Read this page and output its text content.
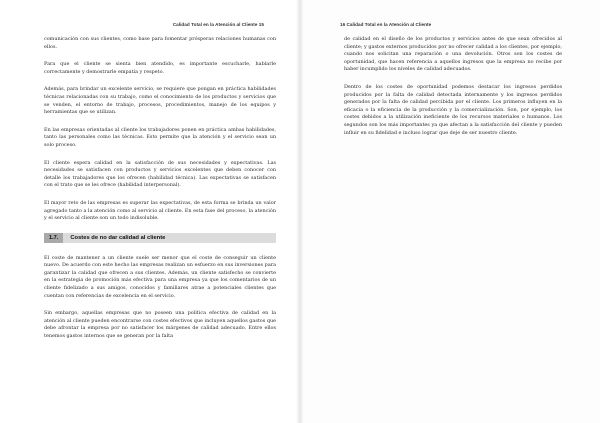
Calidad Total en la Atención al Cliente 15

comunicación con sus clientes, como base para fomentar prósperas relaciones humanas con ellos.

Para que el cliente se sienta bien atendido, es importante escucharle, hablarle correctamente y demostrarle empatía y respeto.

Además, para brindar un excelente servicio, se requiere que pongan en práctica habilidades técnicas relacionadas con su trabajo, como el conocimiento de los productos y servicios que se venden, el entorno de trabajo, procesos, procedimientos, manejo de los equipos y herramientas que se utilizan.

En las empresas orientadas al cliente los trabajadores ponen en práctica ambas habilidades, tanto las personales como las técnicas. Esto permite que la atención y el servicio sean un solo proceso.

El cliente espera calidad en la satisfacción de sus necesidades y expectativas. Las necesidades se satisfacen con productos y servicios excelentes que deben conocer con detalle los trabajadores que los ofrecen (habilidad técnica). Las expectativas se satisfacen con el trato que se les ofrece (habilidad interpersonal).

El mayor reto de las empresas es superar las expectativas, de esta forma se brinda un valor agregado tanto a la atención como al servicio al cliente. En esta fase del proceso, la atención y el servicio al cliente son un todo indisoluble.

1.7.	Costes de no dar calidad al cliente

El coste de mantener a un cliente suele ser menor que el coste de conseguir un cliente nuevo. De acuerdo con este hecho las empresas realizan un esfuerzo en sus inversiones para garantizar la calidad que ofrecen a sus clientes. Además, un cliente satisfecho se convierte en la estrategia de promoción más efectiva para una empresa ya que los comentarios de un cliente fidelizado a sus amigos, conocidos y familiares atrae a potenciales clientes que cuentan con referencias de excelencia en el servicio.

Sin embargo, aquellas empresas que no poseen una política efectiva de calidad en la atención al cliente pueden encontrarse con costes efectivos que incluyen aquellos gastos que debe afrontar la empresa por no satisfacer los márgenes de calidad adecuado. Entre ellos tenemos gastos internos que se generan por la falta

16 Calidad Total en la Atención al Cliente

de calidad en el diseño de los productos y servicios antes de que sean ofrecidos al cliente; y gastos externos producidos por no ofrecer calidad a los clientes, por ejemplo, cuando nos solicitan una reparación o una devolución. Otros son los costes de oportunidad, que hacen referencia a aquellos ingresos que la empresa no recibe por haber incumplido los niveles de calidad adecuados.

Dentro de los costes de oportunidad podemos destacar los ingresos perdidos producidos por la falta de calidad detectada internamente y los ingresos perdidos generados por la falta de calidad percibida por el cliente. Los primeros influyen en la eficacia o la eficiencia de la producción y la comercialización. Son, por ejemplo, los costes debidos a la utilización ineficiente de los recursos materiales o humanos. Los segundos son los más importantes ya que afectan a la satisfacción del cliente y pueden influir en su fidelidad e incluso lograr que deje de ser nuestro cliente.
